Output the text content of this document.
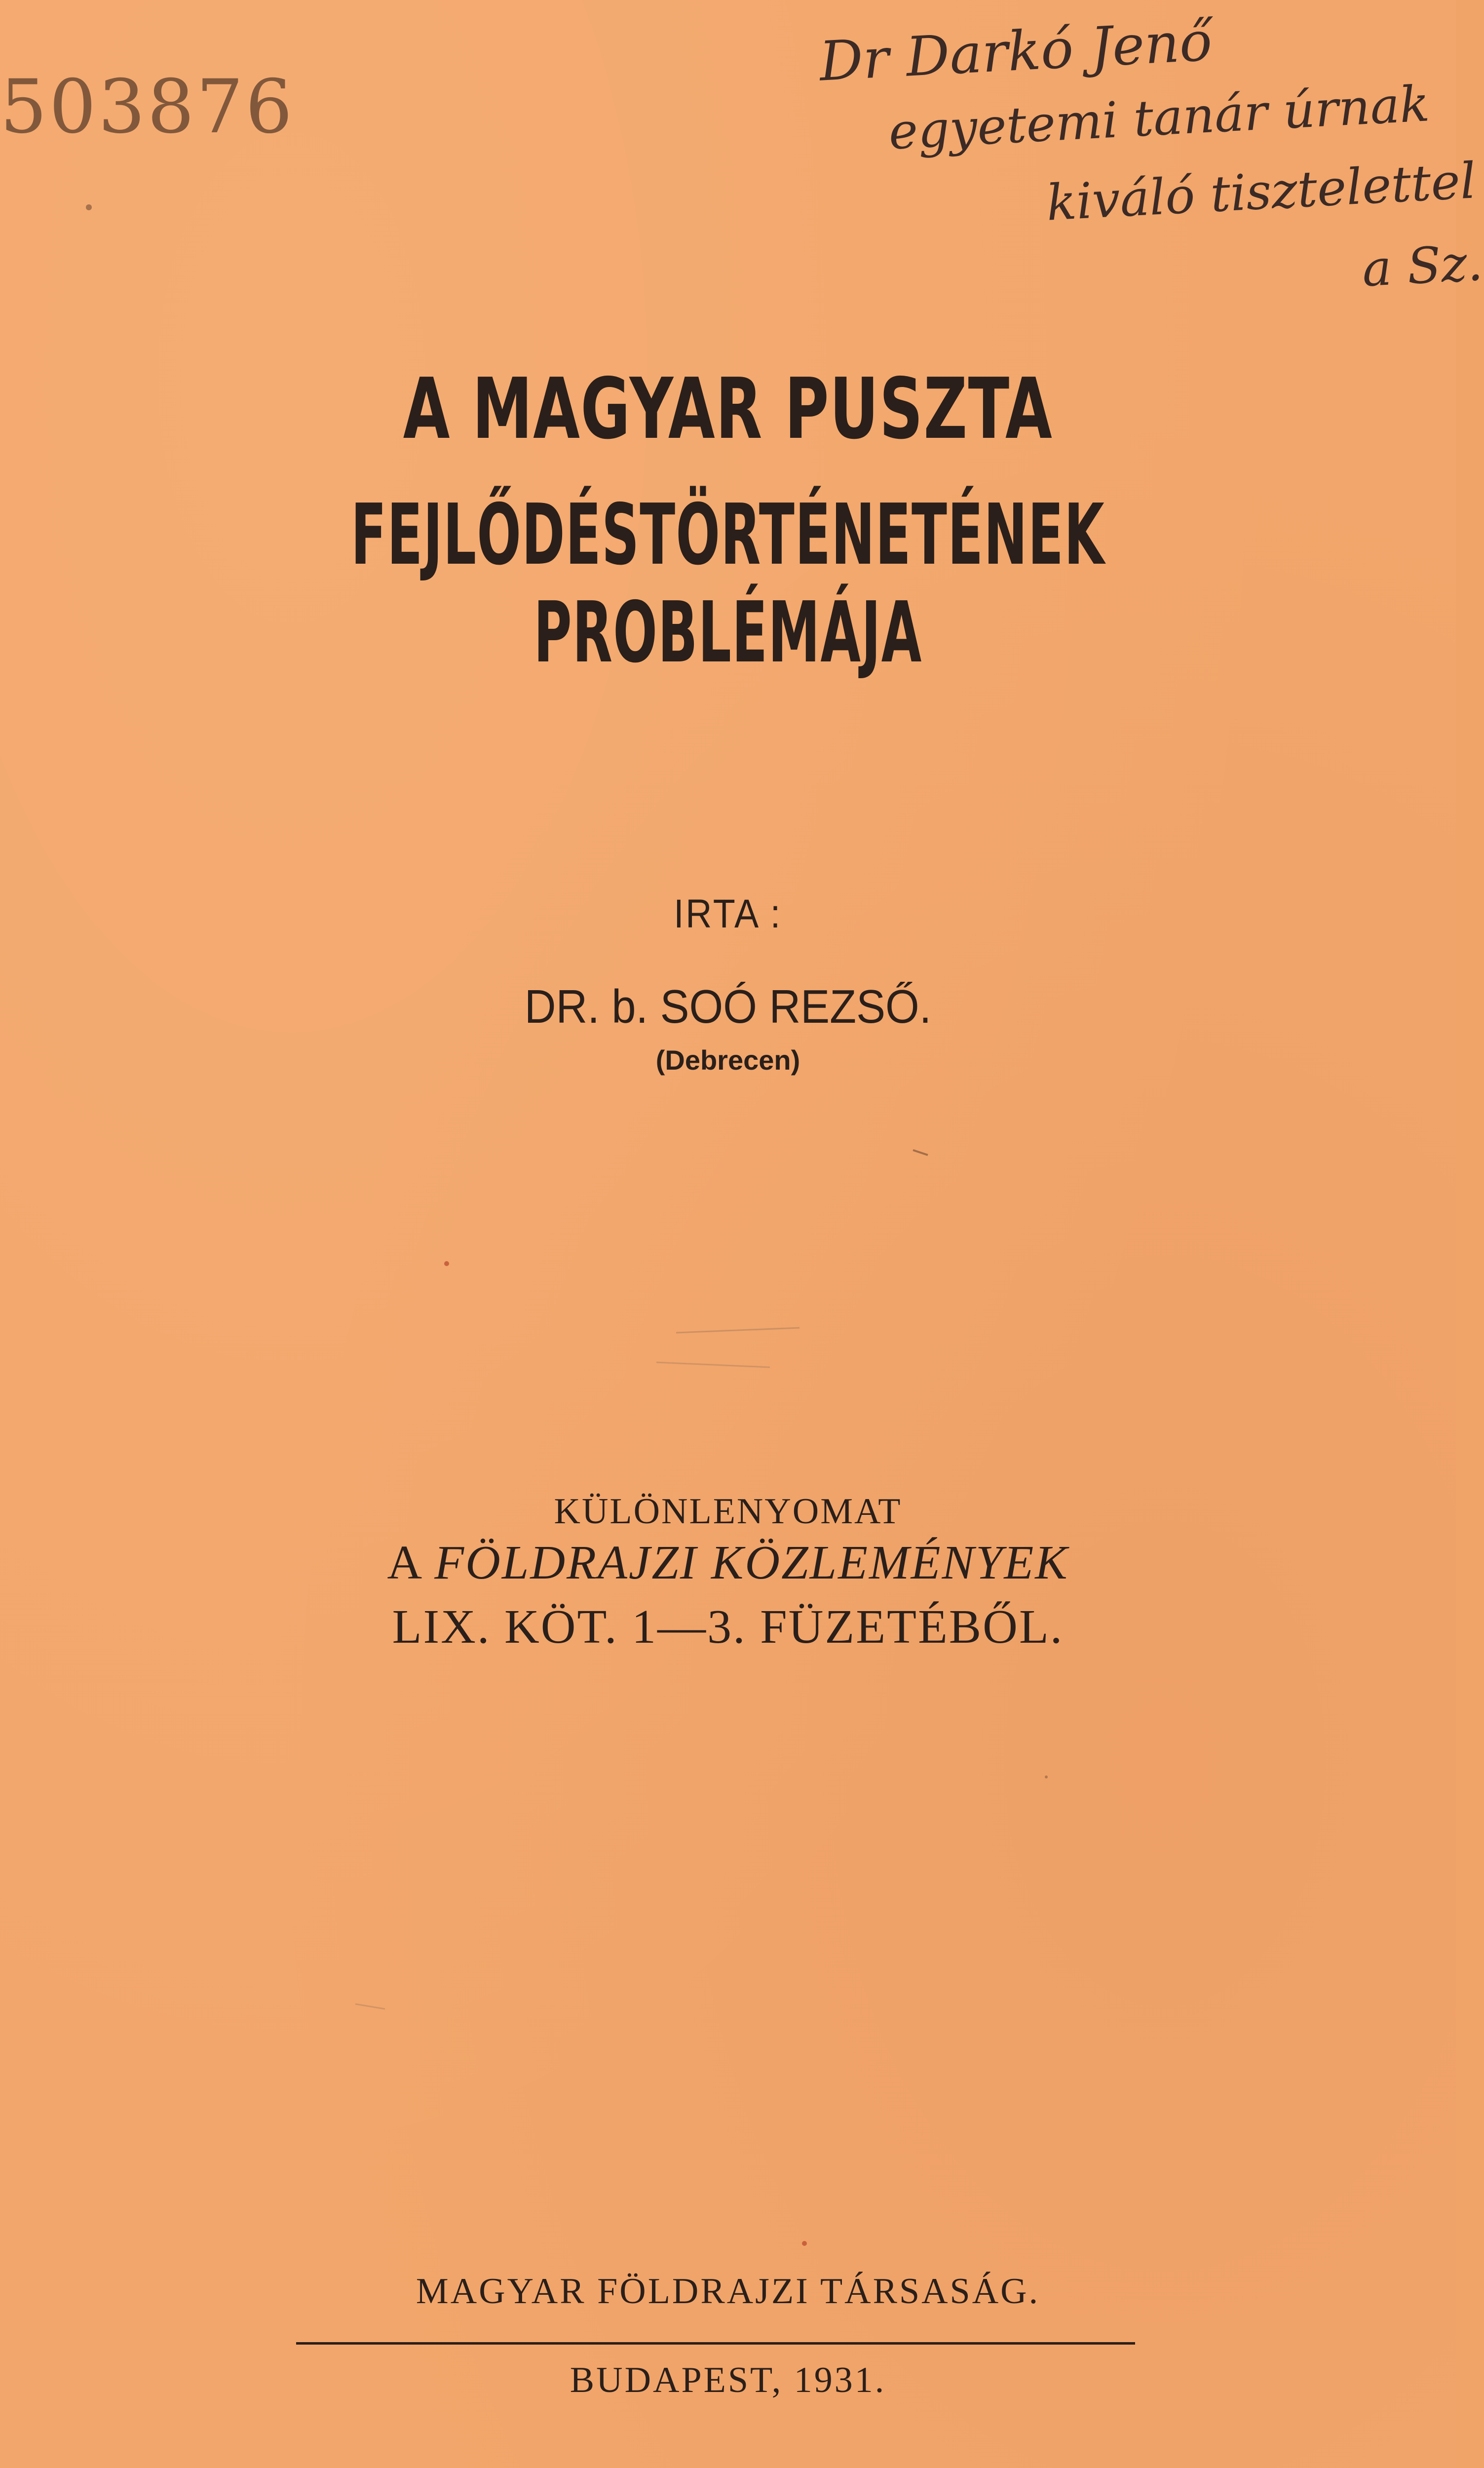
503876
Dr Darkó Jenő
egyetemi tanár úrnak
kiváló tisztelettel
a Sz.
A MAGYAR PUSZTA
FEJLŐDÉSTÖRTÉNETÉNEK PROBLÉMÁJA

IRTA :

DR. b. SOÓ REZSŐ.

(Debrecen)

KÜLÖNLENYOMAT

A FÖLDRAJZI KÖZLEMÉNYEK

LIX. KÖT. 1—3. FÜZETÉBŐL.

MAGYAR FÖLDRAJZI TÁRSASÁG.

BUDAPEST, 1931.
